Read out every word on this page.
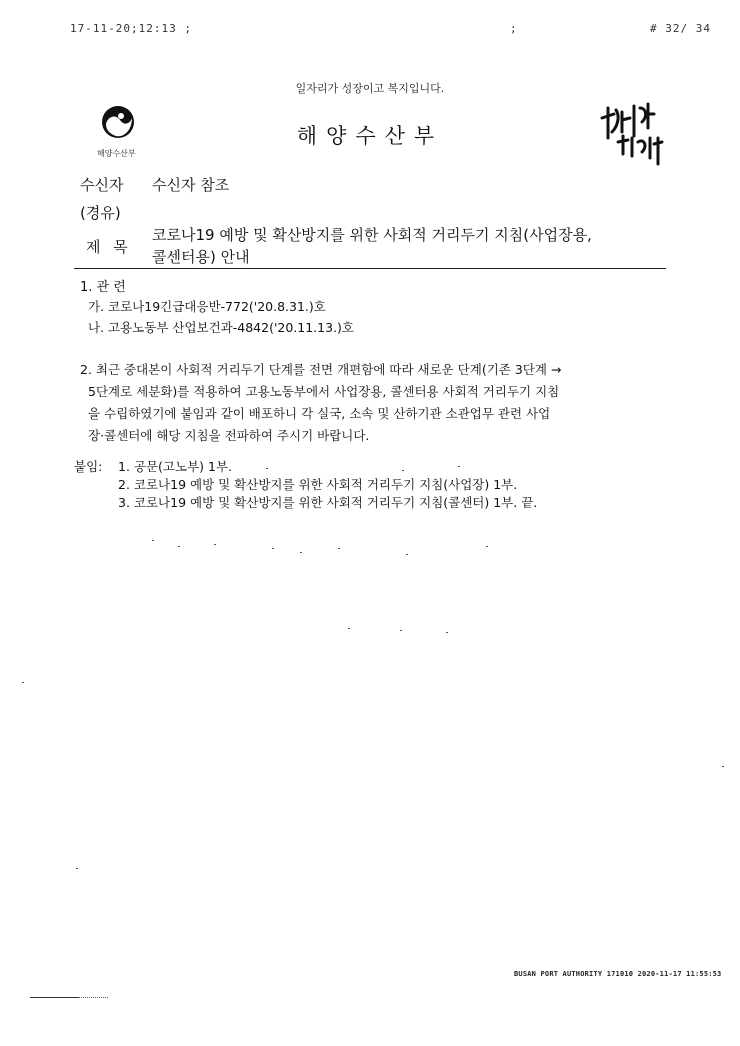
17-11-20;12:13 ;	;	# 32/ 34
일자리가 성장이고 복지입니다.
해양수산부
해양수산부
수신자 수신자 참조
(경유)
제 목
코로나19 예방 및 확산방지를 위한 사회적 거리두기 지침(사업장용,
콜센터용) 안내
1. 관 련
가. 코로나19긴급대응반-772('20.8.31.)호
나. 고용노동부 산업보건과-4842('20.11.13.)호
2. 최근 중대본이 사회적 거리두기 단계를 전면 개편함에 따라 새로운 단계(기존 3단계 →
5단계로 세분화)를 적용하여 고용노동부에서 사업장용, 콜센터용 사회적 거리두기 지침
을 수립하였기에 붙임과 같이 배포하니 각 실국, 소속 및 산하기관 소관업무 관련 사업
장·콜센터에 해당 지침을 전파하여 주시기 바랍니다.
붙임: 1. 공문(고노부) 1부.
2. 코로나19 예방 및 확산방지를 위한 사회적 거리두기 지침(사업장) 1부.
3. 코로나19 예방 및 확산방지를 위한 사회적 거리두기 지침(콜센터) 1부. 끝.
BUSAN PORT AUTHORITY 171010 2020-11-17 11:55:53
